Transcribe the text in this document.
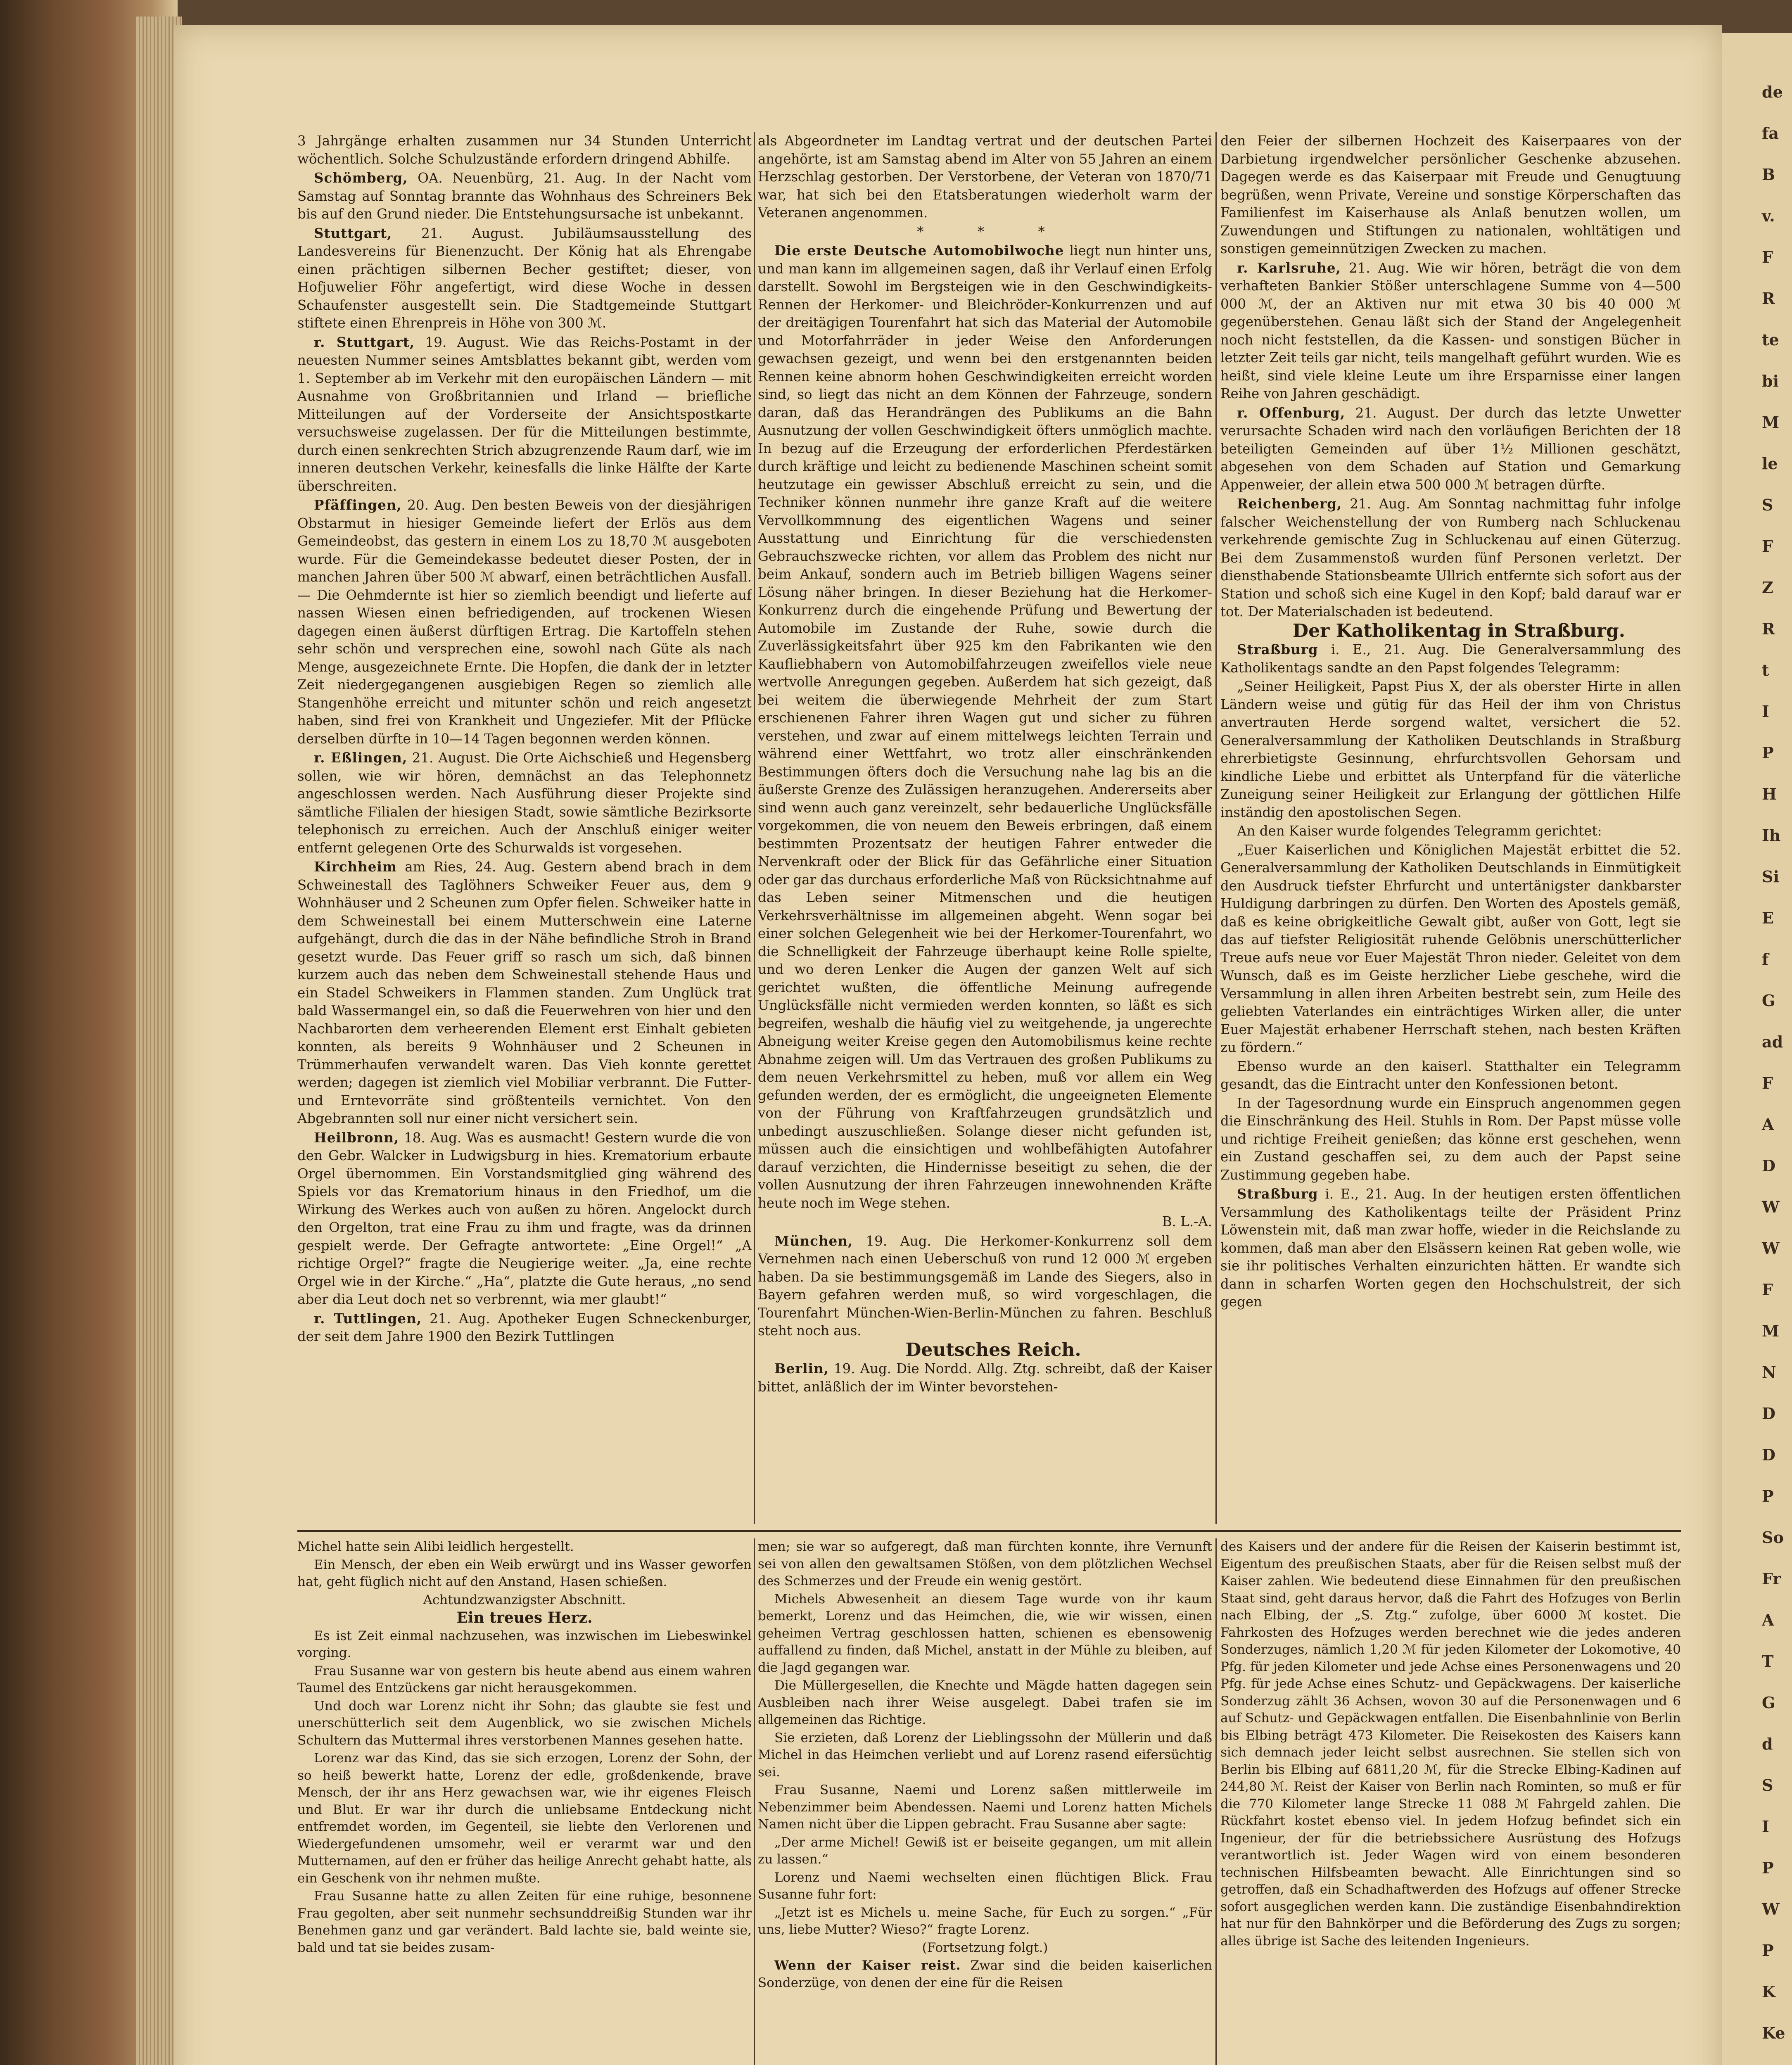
3 Jahrgänge erhalten zusammen nur 34 Stunden Unterricht wöchentlich. Solche Schulzustände erfordern dringend Abhilfe.

Schömberg, OA. Neuenbürg, 21. Aug. In der Nacht vom Samstag auf Sonntag brannte das Wohnhaus des Schreiners Bek bis auf den Grund nieder. Die Entstehungsursache ist unbekannt.

Stuttgart, 21. August. Jubiläumsausstellung des Landesvereins für Bienenzucht. Der König hat als Ehrengabe einen prächtigen silbernen Becher gestiftet; dieser, von Hofjuwelier Föhr angefertigt, wird diese Woche in dessen Schaufenster ausgestellt sein. Die Stadtgemeinde Stuttgart stiftete einen Ehrenpreis in Höhe von 300 ℳ.

r. Stuttgart, 19. August. Wie das Reichs-Postamt in der neuesten Nummer seines Amtsblattes bekannt gibt, werden vom 1. September ab im Verkehr mit den europäischen Ländern — mit Ausnahme von Großbritannien und Irland — briefliche Mitteilungen auf der Vorderseite der Ansichtspostkarte versuchsweise zugelassen. Der für die Mitteilungen bestimmte, durch einen senkrechten Strich abzugrenzende Raum darf, wie im inneren deutschen Verkehr, keinesfalls die linke Hälfte der Karte überschreiten.

Pfäffingen, 20. Aug. Den besten Beweis von der diesjährigen Obstarmut in hiesiger Gemeinde liefert der Erlös aus dem Gemeindeobst, das gestern in einem Los zu 18,70 ℳ ausgeboten wurde. Für die Gemeindekasse bedeutet dieser Posten, der in manchen Jahren über 500 ℳ abwarf, einen beträchtlichen Ausfall. — Die Oehmdernte ist hier so ziemlich beendigt und lieferte auf nassen Wiesen einen befriedigenden, auf trockenen Wiesen dagegen einen äußerst dürftigen Ertrag. Die Kartoffeln stehen sehr schön und versprechen eine, sowohl nach Güte als nach Menge, ausgezeichnete Ernte. Die Hopfen, die dank der in letzter Zeit niedergegangenen ausgiebigen Regen so ziemlich alle Stangenhöhe erreicht und mitunter schön und reich angesetzt haben, sind frei von Krankheit und Ungeziefer. Mit der Pflücke derselben dürfte in 10—14 Tagen begonnen werden können.

r. Eßlingen, 21. August. Die Orte Aichschieß und Hegensberg sollen, wie wir hören, demnächst an das Telephonnetz angeschlossen werden. Nach Ausführung dieser Projekte sind sämtliche Filialen der hiesigen Stadt, sowie sämtliche Bezirksorte telephonisch zu erreichen. Auch der Anschluß einiger weiter entfernt gelegenen Orte des Schurwalds ist vorgesehen.

Kirchheim am Ries, 24. Aug. Gestern abend brach in dem Schweinestall des Taglöhners Schweiker Feuer aus, dem 9 Wohnhäuser und 2 Scheunen zum Opfer fielen. Schweiker hatte in dem Schweinestall bei einem Mutterschwein eine Laterne aufgehängt, durch die das in der Nähe befindliche Stroh in Brand gesetzt wurde. Das Feuer griff so rasch um sich, daß binnen kurzem auch das neben dem Schweinestall stehende Haus und ein Stadel Schweikers in Flammen standen. Zum Unglück trat bald Wassermangel ein, so daß die Feuerwehren von hier und den Nachbarorten dem verheerenden Element erst Einhalt gebieten konnten, als bereits 9 Wohnhäuser und 2 Scheunen in Trümmerhaufen verwandelt waren. Das Vieh konnte gerettet werden; dagegen ist ziemlich viel Mobiliar verbrannt. Die Futter- und Erntevorräte sind größtenteils vernichtet. Von den Abgebrannten soll nur einer nicht versichert sein.

Heilbronn, 18. Aug. Was es ausmacht! Gestern wurde die von den Gebr. Walcker in Ludwigsburg in hies. Krematorium erbaute Orgel übernommen. Ein Vorstandsmitglied ging während des Spiels vor das Krematorium hinaus in den Friedhof, um die Wirkung des Werkes auch von außen zu hören. Angelockt durch den Orgelton, trat eine Frau zu ihm und fragte, was da drinnen gespielt werde. Der Gefragte antwortete: „Eine Orgel!“ „A richtige Orgel?“ fragte die Neugierige weiter. „Ja, eine rechte Orgel wie in der Kirche.“ „Ha“, platzte die Gute heraus, „no send aber dia Leut doch net so verbrennt, wia mer glaubt!“

r. Tuttlingen, 21. Aug. Apotheker Eugen Schneckenburger, der seit dem Jahre 1900 den Bezirk Tuttlingen

als Abgeordneter im Landtag vertrat und der deutschen Partei angehörte, ist am Samstag abend im Alter von 55 Jahren an einem Herzschlag gestorben. Der Verstorbene, der Veteran von 1870/71 war, hat sich bei den Etatsberatungen wiederholt warm der Veteranen angenommen.

* * *

Die erste Deutsche Automobilwoche liegt nun hinter uns, und man kann im allgemeinen sagen, daß ihr Verlauf einen Erfolg darstellt. Sowohl im Bergsteigen wie in den Geschwindigkeits-Rennen der Herkomer- und Bleichröder-Konkurrenzen und auf der dreitägigen Tourenfahrt hat sich das Material der Automobile und Motorfahrräder in jeder Weise den Anforderungen gewachsen gezeigt, und wenn bei den erstgenannten beiden Rennen keine abnorm hohen Geschwindigkeiten erreicht worden sind, so liegt das nicht an dem Können der Fahrzeuge, sondern daran, daß das Herandrängen des Publikums an die Bahn Ausnutzung der vollen Geschwindigkeit öfters unmöglich machte. In bezug auf die Erzeugung der erforderlichen Pferdestärken durch kräftige und leicht zu bedienende Maschinen scheint somit heutzutage ein gewisser Abschluß erreicht zu sein, und die Techniker können nunmehr ihre ganze Kraft auf die weitere Vervollkommnung des eigentlichen Wagens und seiner Ausstattung und Einrichtung für die verschiedensten Gebrauchszwecke richten, vor allem das Problem des nicht nur beim Ankauf, sondern auch im Betrieb billigen Wagens seiner Lösung näher bringen. In dieser Beziehung hat die Herkomer-Konkurrenz durch die eingehende Prüfung und Bewertung der Automobile im Zustande der Ruhe, sowie durch die Zuverlässigkeitsfahrt über 925 km den Fabrikanten wie den Kaufliebhabern von Automobilfahrzeugen zweifellos viele neue wertvolle Anregungen gegeben. Außerdem hat sich gezeigt, daß bei weitem die überwiegende Mehrheit der zum Start erschienenen Fahrer ihren Wagen gut und sicher zu führen verstehen, und zwar auf einem mittelwegs leichten Terrain und während einer Wettfahrt, wo trotz aller einschränkenden Bestimmungen öfters doch die Versuchung nahe lag bis an die äußerste Grenze des Zulässigen heranzugehen. Andererseits aber sind wenn auch ganz vereinzelt, sehr bedauerliche Unglücksfälle vorgekommen, die von neuem den Beweis erbringen, daß einem bestimmten Prozentsatz der heutigen Fahrer entweder die Nervenkraft oder der Blick für das Gefährliche einer Situation oder gar das durchaus erforderliche Maß von Rücksichtnahme auf das Leben seiner Mitmenschen und die heutigen Verkehrsverhältnisse im allgemeinen abgeht. Wenn sogar bei einer solchen Gelegenheit wie bei der Herkomer-Tourenfahrt, wo die Schnelligkeit der Fahrzeuge überhaupt keine Rolle spielte, und wo deren Lenker die Augen der ganzen Welt auf sich gerichtet wußten, die öffentliche Meinung aufregende Unglücksfälle nicht vermieden werden konnten, so läßt es sich begreifen, weshalb die häufig viel zu weitgehende, ja ungerechte Abneigung weiter Kreise gegen den Automobilismus keine rechte Abnahme zeigen will. Um das Vertrauen des großen Publikums zu dem neuen Verkehrsmittel zu heben, muß vor allem ein Weg gefunden werden, der es ermöglicht, die ungeeigneten Elemente von der Führung von Kraftfahrzeugen grundsätzlich und unbedingt auszuschließen. Solange dieser nicht gefunden ist, müssen auch die einsichtigen und wohlbefähigten Autofahrer darauf verzichten, die Hindernisse beseitigt zu sehen, die der vollen Ausnutzung der ihren Fahrzeugen innewohnenden Kräfte heute noch im Wege stehen.

B. L.-A.

München, 19. Aug. Die Herkomer-Konkurrenz soll dem Vernehmen nach einen Ueberschuß von rund 12 000 ℳ ergeben haben. Da sie bestimmungsgemäß im Lande des Siegers, also in Bayern gefahren werden muß, so wird vorgeschlagen, die Tourenfahrt München-Wien-Berlin-München zu fahren. Beschluß steht noch aus.

Deutsches Reich.

Berlin, 19. Aug. Die Nordd. Allg. Ztg. schreibt, daß der Kaiser bittet, anläßlich der im Winter bevorstehen-

den Feier der silbernen Hochzeit des Kaiserpaares von der Darbietung irgendwelcher persönlicher Geschenke abzusehen. Dagegen werde es das Kaiserpaar mit Freude und Genugtuung begrüßen, wenn Private, Vereine und sonstige Körperschaften das Familienfest im Kaiserhause als Anlaß benutzen wollen, um Zuwendungen und Stiftungen zu nationalen, wohltätigen und sonstigen gemeinnützigen Zwecken zu machen.

r. Karlsruhe, 21. Aug. Wie wir hören, beträgt die von dem verhafteten Bankier Stößer unterschlagene Summe von 4—500 000 ℳ, der an Aktiven nur mit etwa 30 bis 40 000 ℳ gegenüberstehen. Genau läßt sich der Stand der Angelegenheit noch nicht feststellen, da die Kassen- und sonstigen Bücher in letzter Zeit teils gar nicht, teils mangelhaft geführt wurden. Wie es heißt, sind viele kleine Leute um ihre Ersparnisse einer langen Reihe von Jahren geschädigt.

r. Offenburg, 21. August. Der durch das letzte Unwetter verursachte Schaden wird nach den vorläufigen Berichten der 18 beteiligten Gemeinden auf über 1½ Millionen geschätzt, abgesehen von dem Schaden auf Station und Gemarkung Appenweier, der allein etwa 500 000 ℳ betragen dürfte.

Reichenberg, 21. Aug. Am Sonntag nachmittag fuhr infolge falscher Weichenstellung der von Rumberg nach Schluckenau verkehrende gemischte Zug in Schluckenau auf einen Güterzug. Bei dem Zusammenstoß wurden fünf Personen verletzt. Der diensthabende Stationsbeamte Ullrich entfernte sich sofort aus der Station und schoß sich eine Kugel in den Kopf; bald darauf war er tot. Der Materialschaden ist bedeutend.

Der Katholikentag in Straßburg.

Straßburg i. E., 21. Aug. Die Generalversammlung des Katholikentags sandte an den Papst folgendes Telegramm:

„Seiner Heiligkeit, Papst Pius X, der als oberster Hirte in allen Ländern weise und gütig für das Heil der ihm von Christus anvertrauten Herde sorgend waltet, versichert die 52. Generalversammlung der Katholiken Deutschlands in Straßburg ehrerbietigste Gesinnung, ehrfurchtsvollen Gehorsam und kindliche Liebe und erbittet als Unterpfand für die väterliche Zuneigung seiner Heiligkeit zur Erlangung der göttlichen Hilfe inständig den apostolischen Segen.

An den Kaiser wurde folgendes Telegramm gerichtet:

„Euer Kaiserlichen und Königlichen Majestät erbittet die 52. Generalversammlung der Katholiken Deutschlands in Einmütigkeit den Ausdruck tiefster Ehrfurcht und untertänigster dankbarster Huldigung darbringen zu dürfen. Den Worten des Apostels gemäß, daß es keine obrigkeitliche Gewalt gibt, außer von Gott, legt sie das auf tiefster Religiosität ruhende Gelöbnis unerschütterlicher Treue aufs neue vor Euer Majestät Thron nieder. Geleitet von dem Wunsch, daß es im Geiste herzlicher Liebe geschehe, wird die Versammlung in allen ihren Arbeiten bestrebt sein, zum Heile des geliebten Vaterlandes ein einträchtiges Wirken aller, die unter Euer Majestät erhabener Herrschaft stehen, nach besten Kräften zu fördern.“

Ebenso wurde an den kaiserl. Statthalter ein Telegramm gesandt, das die Eintracht unter den Konfessionen betont.

In der Tagesordnung wurde ein Einspruch angenommen gegen die Einschränkung des Heil. Stuhls in Rom. Der Papst müsse volle und richtige Freiheit genießen; das könne erst geschehen, wenn ein Zustand geschaffen sei, zu dem auch der Papst seine Zustimmung gegeben habe.

Straßburg i. E., 21. Aug. In der heutigen ersten öffentlichen Versammlung des Katholikentags teilte der Präsident Prinz Löwenstein mit, daß man zwar hoffe, wieder in die Reichslande zu kommen, daß man aber den Elsässern keinen Rat geben wolle, wie sie ihr politisches Verhalten einzurichten hätten. Er wandte sich dann in scharfen Worten gegen den Hochschulstreit, der sich gegen

Michel hatte sein Alibi leidlich hergestellt.

Ein Mensch, der eben ein Weib erwürgt und ins Wasser geworfen hat, geht füglich nicht auf den Anstand, Hasen schießen.

Achtundzwanzigster Abschnitt.

Ein treues Herz.

Es ist Zeit einmal nachzusehen, was inzwischen im Liebeswinkel vorging.

Frau Susanne war von gestern bis heute abend aus einem wahren Taumel des Entzückens gar nicht herausgekommen.

Und doch war Lorenz nicht ihr Sohn; das glaubte sie fest und unerschütterlich seit dem Augenblick, wo sie zwischen Michels Schultern das Muttermal ihres verstorbenen Mannes gesehen hatte.

Lorenz war das Kind, das sie sich erzogen, Lorenz der Sohn, der so heiß bewerkt hatte, Lorenz der edle, großdenkende, brave Mensch, der ihr ans Herz gewachsen war, wie ihr eigenes Fleisch und Blut. Er war ihr durch die unliebsame Entdeckung nicht entfremdet worden, im Gegenteil, sie liebte den Verlorenen und Wiedergefundenen umsomehr, weil er verarmt war und den Mutternamen, auf den er früher das heilige Anrecht gehabt hatte, als ein Geschenk von ihr nehmen mußte.

Frau Susanne hatte zu allen Zeiten für eine ruhige, besonnene Frau gegolten, aber seit nunmehr sechsunddreißig Stunden war ihr Benehmen ganz und gar verändert. Bald lachte sie, bald weinte sie, bald und tat sie beides zusam-

men; sie war so aufgeregt, daß man fürchten konnte, ihre Vernunft sei von allen den gewaltsamen Stößen, von dem plötzlichen Wechsel des Schmerzes und der Freude ein wenig gestört.

Michels Abwesenheit an diesem Tage wurde von ihr kaum bemerkt, Lorenz und das Heimchen, die, wie wir wissen, einen geheimen Vertrag geschlossen hatten, schienen es ebensowenig auffallend zu finden, daß Michel, anstatt in der Mühle zu bleiben, auf die Jagd gegangen war.

Die Müllergesellen, die Knechte und Mägde hatten dagegen sein Ausbleiben nach ihrer Weise ausgelegt. Dabei trafen sie im allgemeinen das Richtige.

Sie erzieten, daß Lorenz der Lieblingssohn der Müllerin und daß Michel in das Heimchen verliebt und auf Lorenz rasend eifersüchtig sei.

Frau Susanne, Naemi und Lorenz saßen mittlerweile im Nebenzimmer beim Abendessen. Naemi und Lorenz hatten Michels Namen nicht über die Lippen gebracht. Frau Susanne aber sagte:

„Der arme Michel! Gewiß ist er beiseite gegangen, um mit allein zu lassen.“

Lorenz und Naemi wechselten einen flüchtigen Blick. Frau Susanne fuhr fort:

„Jetzt ist es Michels u. meine Sache, für Euch zu sorgen.“ „Für uns, liebe Mutter? Wieso?“ fragte Lorenz.

(Fortsetzung folgt.)

Wenn der Kaiser reist. Zwar sind die beiden kaiserlichen Sonderzüge, von denen der eine für die Reisen

des Kaisers und der andere für die Reisen der Kaiserin bestimmt ist, Eigentum des preußischen Staats, aber für die Reisen selbst muß der Kaiser zahlen. Wie bedeutend diese Einnahmen für den preußischen Staat sind, geht daraus hervor, daß die Fahrt des Hofzuges von Berlin nach Elbing, der „S. Ztg.“ zufolge, über 6000 ℳ kostet. Die Fahrkosten des Hofzuges werden berechnet wie die jedes anderen Sonderzuges, nämlich 1,20 ℳ für jeden Kilometer der Lokomotive, 40 Pfg. für jeden Kilometer und jede Achse eines Personenwagens und 20 Pfg. für jede Achse eines Schutz- und Gepäckwagens. Der kaiserliche Sonderzug zählt 36 Achsen, wovon 30 auf die Personenwagen und 6 auf Schutz- und Gepäckwagen entfallen. Die Eisenbahnlinie von Berlin bis Elbing beträgt 473 Kilometer. Die Reisekosten des Kaisers kann sich demnach jeder leicht selbst ausrechnen. Sie stellen sich von Berlin bis Elbing auf 6811,20 ℳ, für die Strecke Elbing-Kadinen auf 244,80 ℳ. Reist der Kaiser von Berlin nach Rominten, so muß er für die 770 Kilometer lange Strecke 11 088 ℳ Fahrgeld zahlen. Die Rückfahrt kostet ebenso viel. In jedem Hofzug befindet sich ein Ingenieur, der für die betriebssichere Ausrüstung des Hofzugs verantwortlich ist. Jeder Wagen wird von einem besonderen technischen Hilfsbeamten bewacht. Alle Einrichtungen sind so getroffen, daß ein Schadhaftwerden des Hofzugs auf offener Strecke sofort ausgeglichen werden kann. Die zuständige Eisenbahndirektion hat nur für den Bahnkörper und die Beförderung des Zugs zu sorgen; alles übrige ist Sache des leitenden Ingenieurs.

de
fa
B
v.
F
R
te
bi
M
le
S
F
Z
R
t
I
P
H
Ih
Si
E
f
G
ad
F
A
D
W
W
F
M
N
D
D
P
So
Fr
A
T
G
d
S
I
P
W
P
K
Ke
